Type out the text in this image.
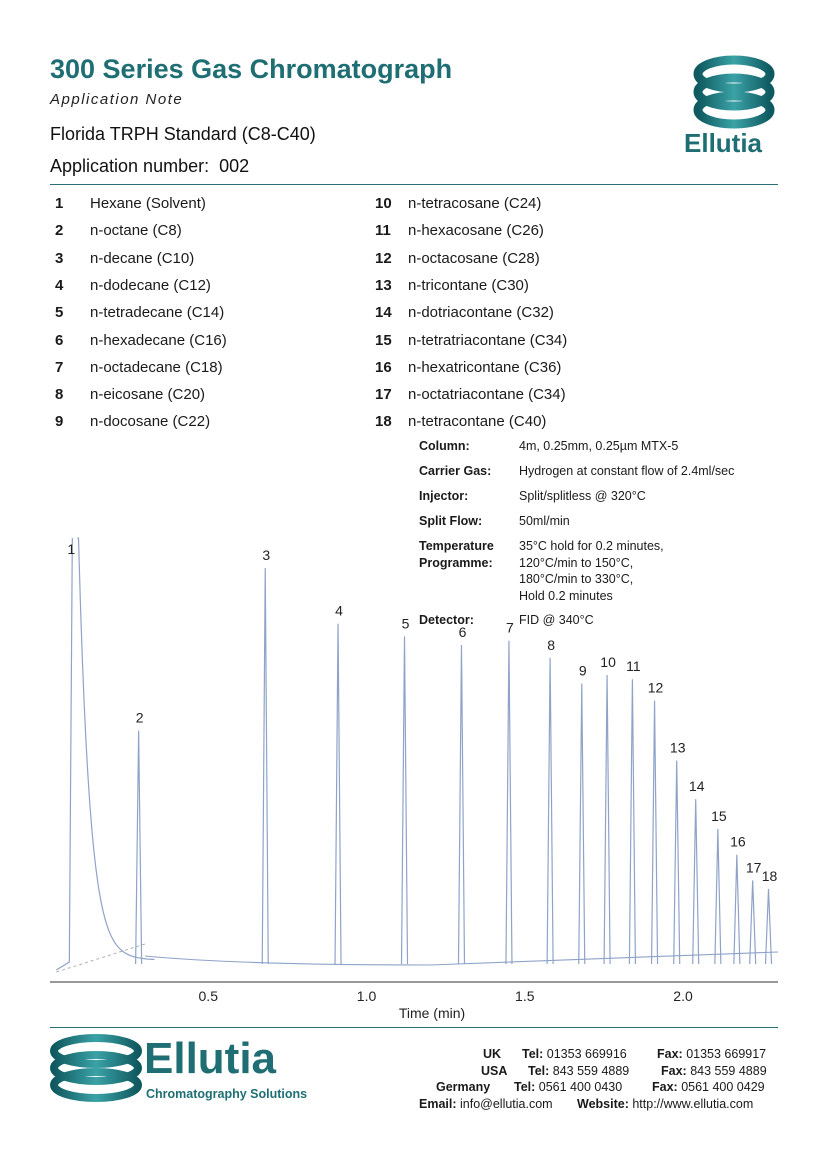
300 Series Gas Chromatograph
Application Note
Florida TRPH Standard (C8-C40)
Application number: 002
Ellutia
1 Hexane (Solvent)
2 n-octane (C8)
3 n-decane (C10)
4 n-dodecane (C12)
5 n-tetradecane (C14)
6 n-hexadecane (C16)
7 n-octadecane (C18)
8 n-eicosane (C20)
9 n-docosane (C22)
10 n-tetracosane (C24)
11 n-hexacosane (C26)
12 n-octacosane (C28)
13 n-tricontane (C30)
14 n-dotriacontane (C32)
15 n-tetratriacontane (C34)
16 n-hexatricontane (C36)
17 n-octatriacontane (C34)
18 n-tetracontane (C40)
Column:	4m, 0.25mm, 0.25µm MTX-5
Carrier Gas: Hydrogen at constant flow of 2.4ml/sec
Injector:	Split/splitless @ 320°C
Split Flow:	50ml/min
Temperature
Programme:
35°C hold for 0.2 minutes,
120°C/min to 150°C,
180°C/min to 330°C,
Hold 0.2 minutes
Detector:	FID @ 340°C
1
2
3
4
5
6	7
8
9
10 11
12
13
14
15
16
17
18
0.5	1.0	1.5	2.0
Time (min)
Ellutia
Chromatography Solutions
UK Tel: 01353 669916 Fax: 01353 669917
USA Tel: 843 559 4889	Fax: 843 559 4889
Germany Tel: 0561 400 0430 Fax: 0561 400 0429
Email: info@ellutia.com Website: http://www.ellutia.com
